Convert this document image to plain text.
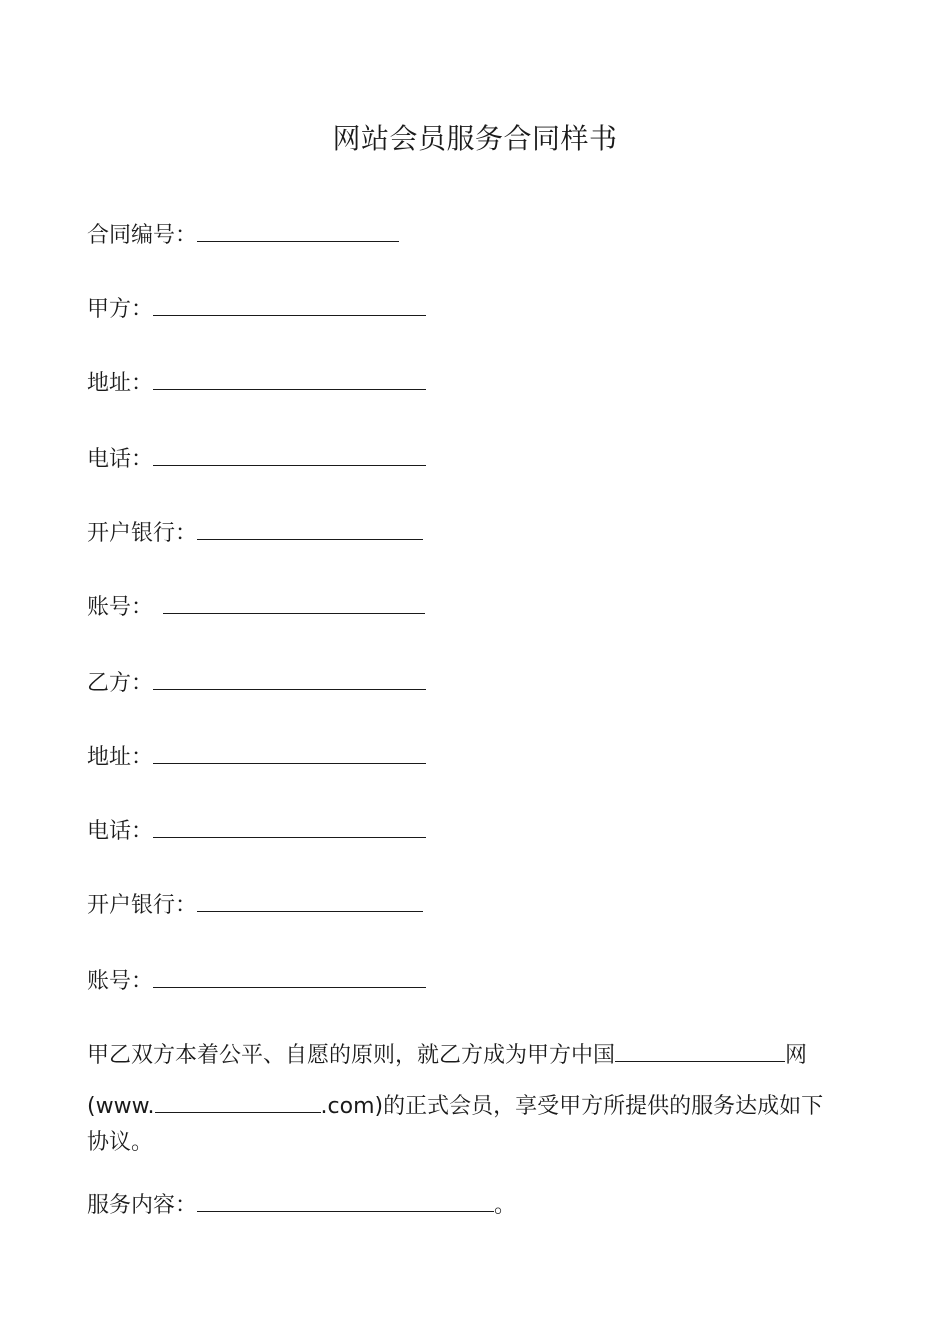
网站会员服务合同样书
合同编号：
甲方：
地址：
电话：
开户银行：
账号：
乙方：
地址：
电话：
开户银行：
账号：
甲乙双方本着公平、自愿的原则，就乙方成为甲方中国	网
(www.	.com)的正式会员，享受甲方所提供的服务达成如下
协议。
服务内容：	。
